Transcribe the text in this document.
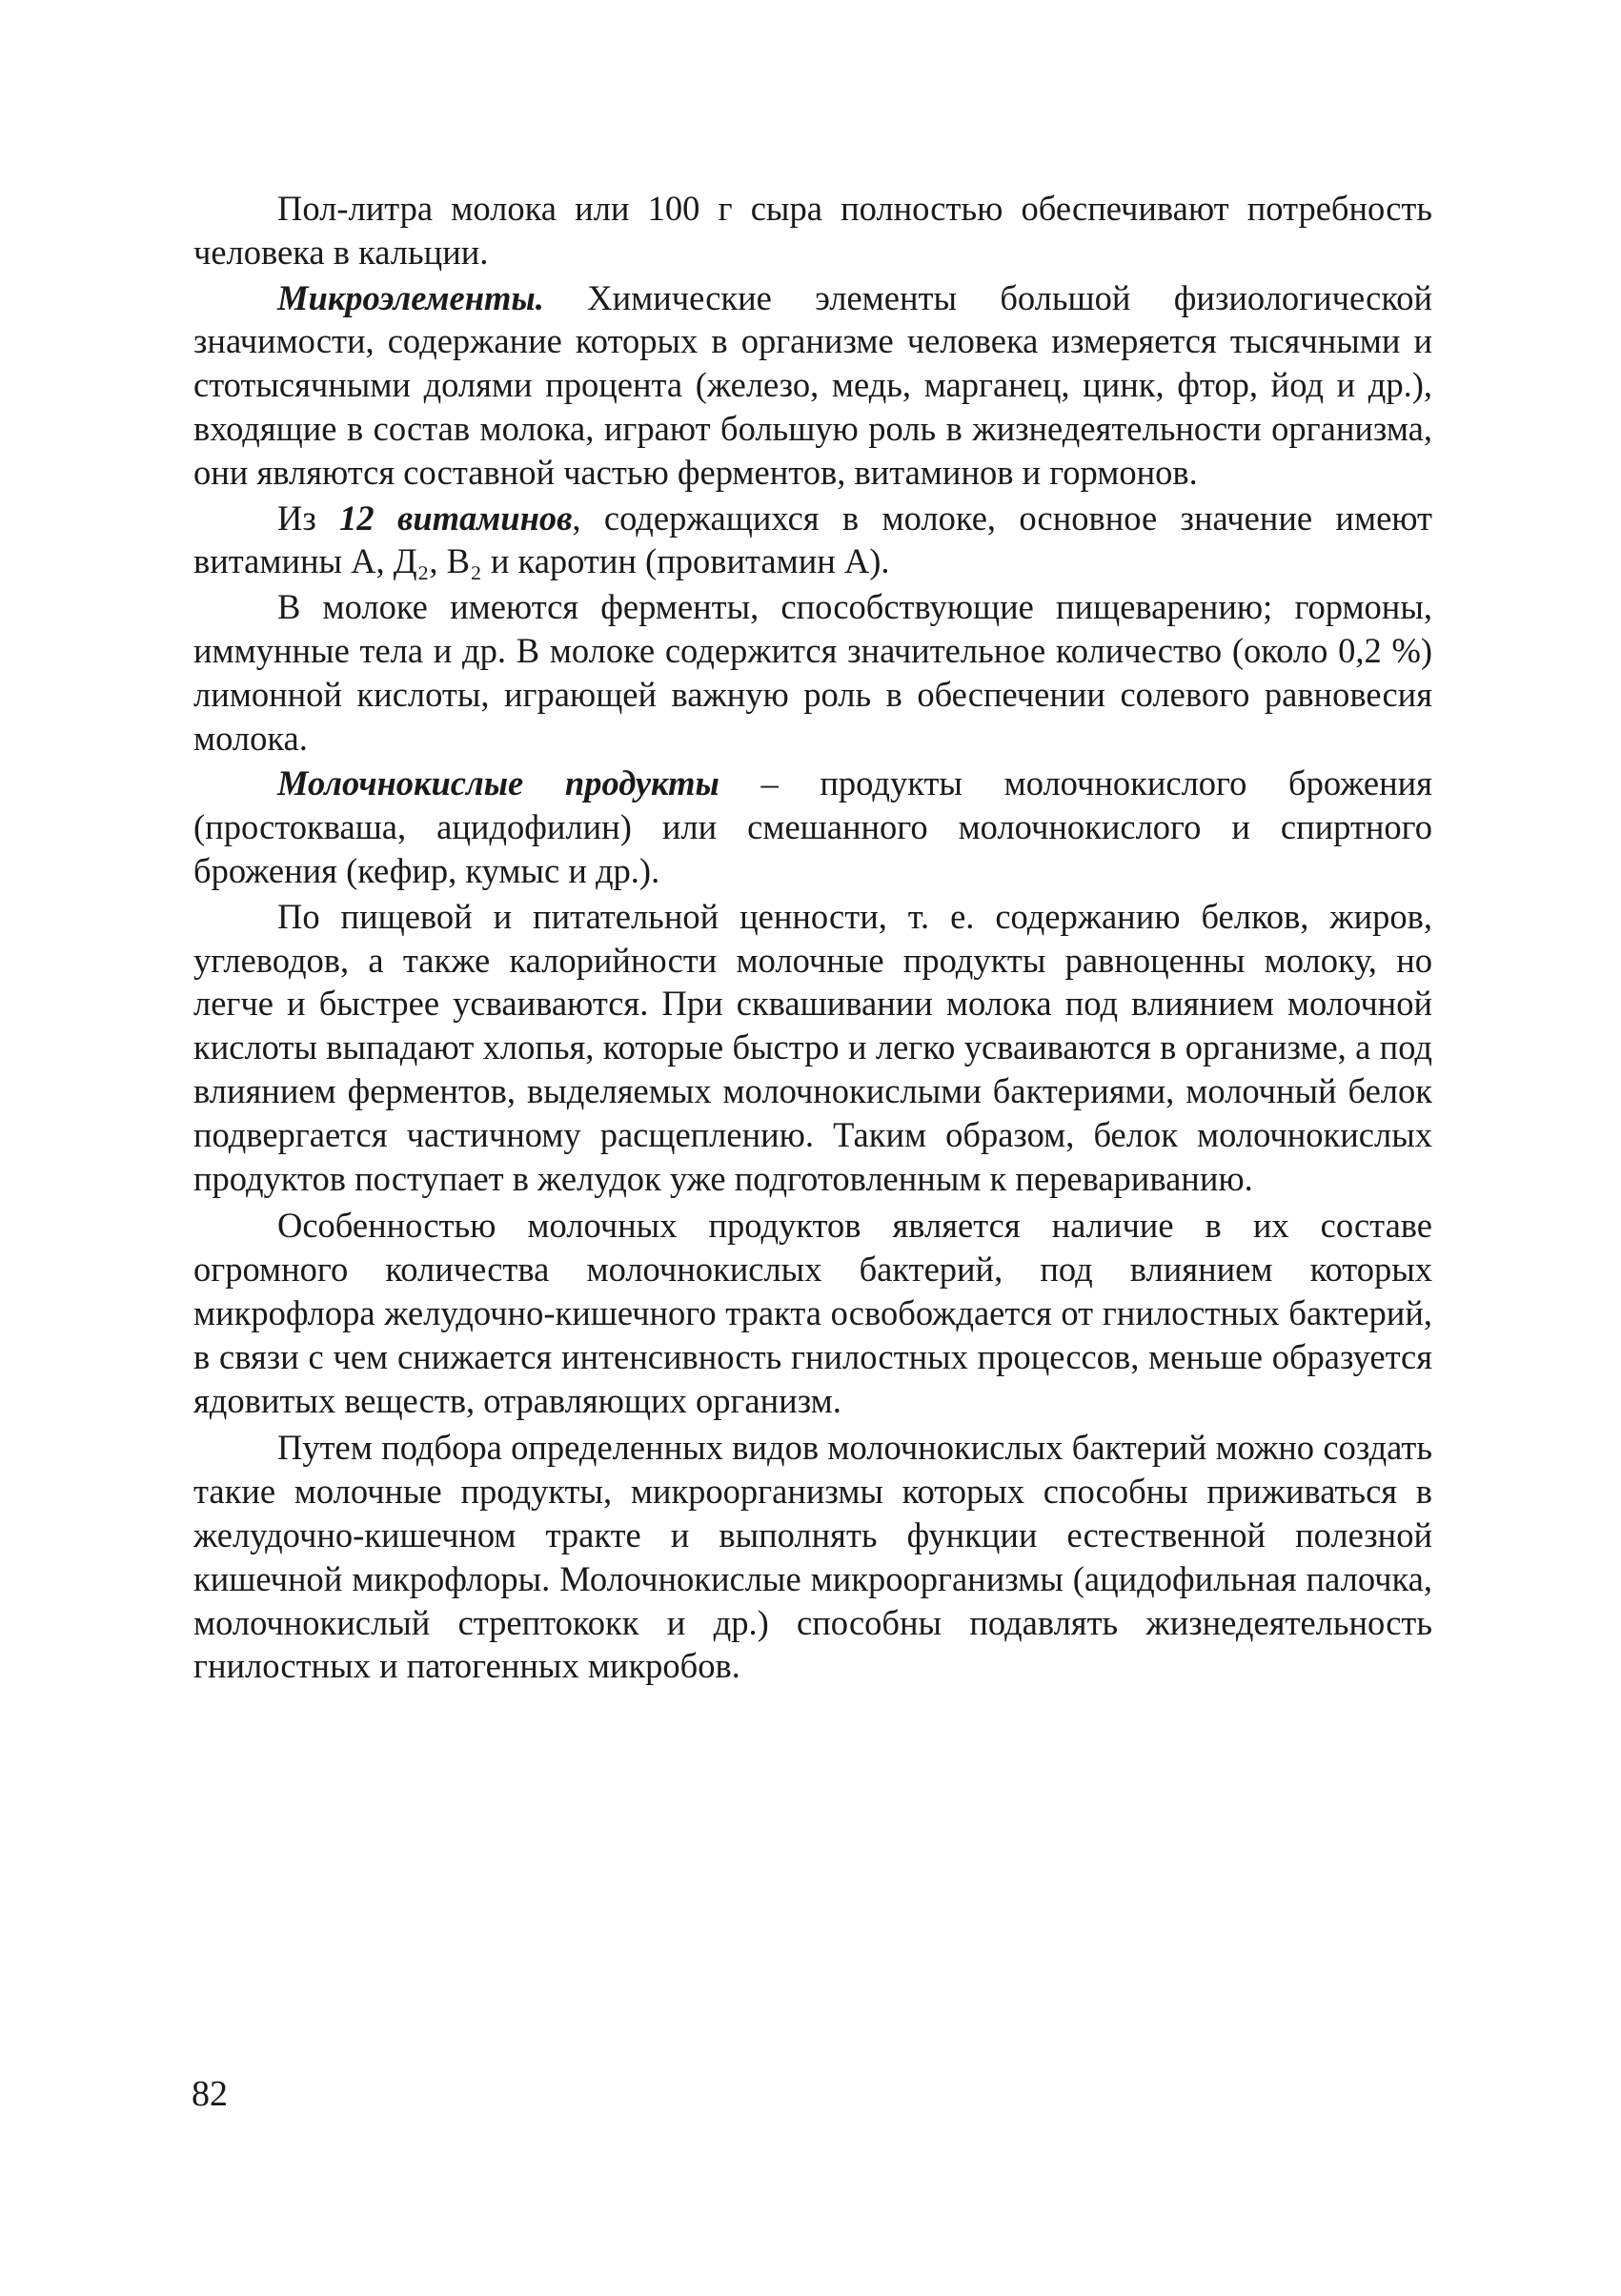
Пол-литра молока или 100 г сыра полностью обеспечивают потребность человека в кальции.

Микроэлементы. Химические элементы большой физиологической значимости, содержание которых в организме человека измеряется тысячными и стотысячными долями процента (железо, медь, марганец, цинк, фтор, йод и др.), входящие в состав молока, играют большую роль в жизнедеятельности организма, они являются составной частью ферментов, витаминов и гормонов.

Из 12 витаминов, содержащихся в молоке, основное значение имеют витамины А, Д₂, В₂ и каротин (провитамин А).

В молоке имеются ферменты, способствующие пищеварению; гормоны, иммунные тела и др. В молоке содержится значительное количество (около 0,2 %) лимонной кислоты, играющей важную роль в обеспечении солевого равновесия молока.

Молочнокислые продукты – продукты молочнокислого брожения (простокваша, ацидофилин) или смешанного молочнокислого и спиртного брожения (кефир, кумыс и др.).

По пищевой и питательной ценности, т. е. содержанию белков, жиров, углеводов, а также калорийности молочные продукты равноценны молоку, но легче и быстрее усваиваются. При сквашивании молока под влиянием молочной кислоты выпадают хлопья, которые быстро и легко усваиваются в организме, а под влиянием ферментов, выделяемых молочнокислыми бактериями, молочный белок подвергается частичному расщеплению. Таким образом, белок молочнокислых продуктов поступает в желудок уже подготовленным к перевариванию.

Особенностью молочных продуктов является наличие в их составе огромного количества молочнокислых бактерий, под влиянием которых микрофлора желудочно-кишечного тракта освобождается от гнилостных бактерий, в связи с чем снижается интенсивность гнилостных процессов, меньше образуется ядовитых веществ, отравляющих организм.

Путем подбора определенных видов молочнокислых бактерий можно создать такие молочные продукты, микроорганизмы которых способны приживаться в желудочно-кишечном тракте и выполнять функции естественной полезной кишечной микрофлоры. Молочнокислые микроорганизмы (ацидофильная палочка, молочнокислый стрептококк и др.) способны подавлять жизнедеятельность гнилостных и патогенных микробов.

82
